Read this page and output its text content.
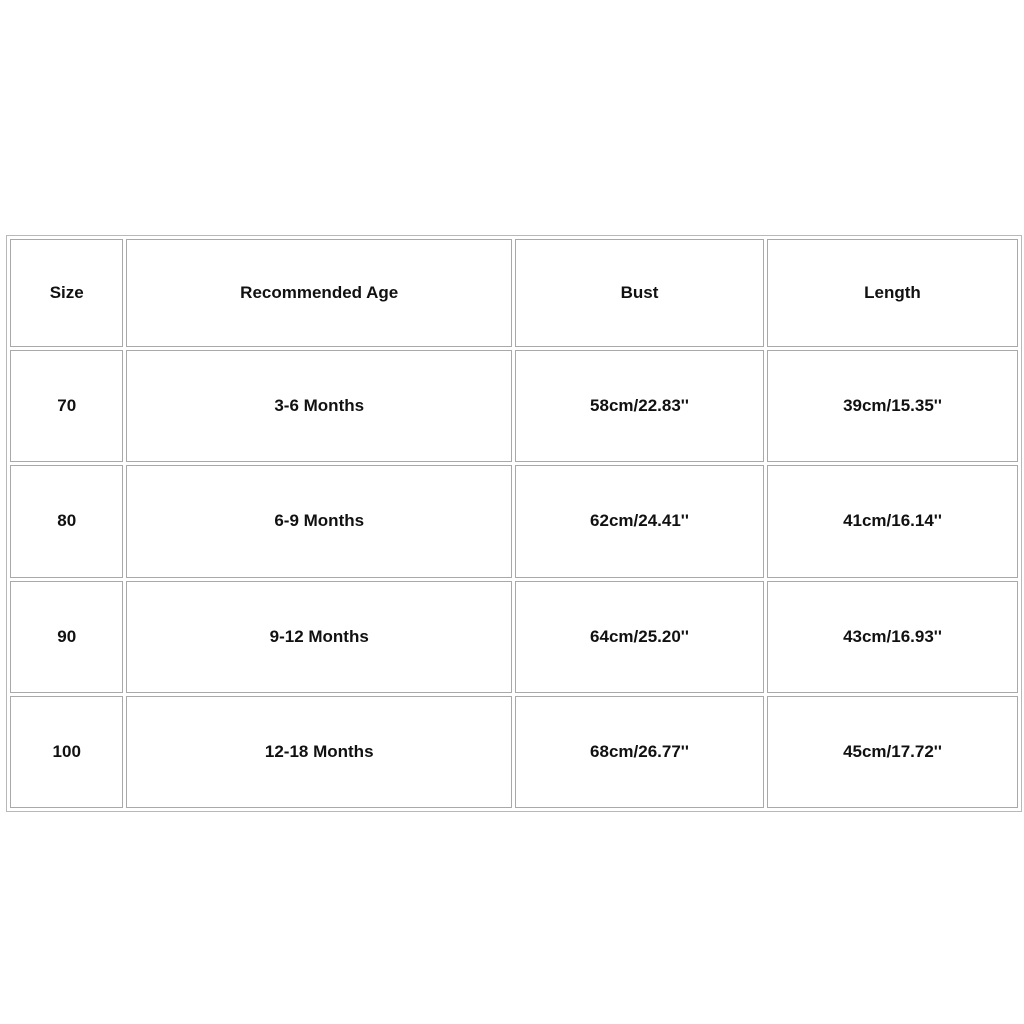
Size	Recommended Age	Bust	Length
70	3-6 Months	58cm/22.83''	39cm/15.35''
80	6-9 Months	62cm/24.41''	41cm/16.14''
90	9-12 Months	64cm/25.20''	43cm/16.93''
100	12-18 Months	68cm/26.77''	45cm/17.72''
